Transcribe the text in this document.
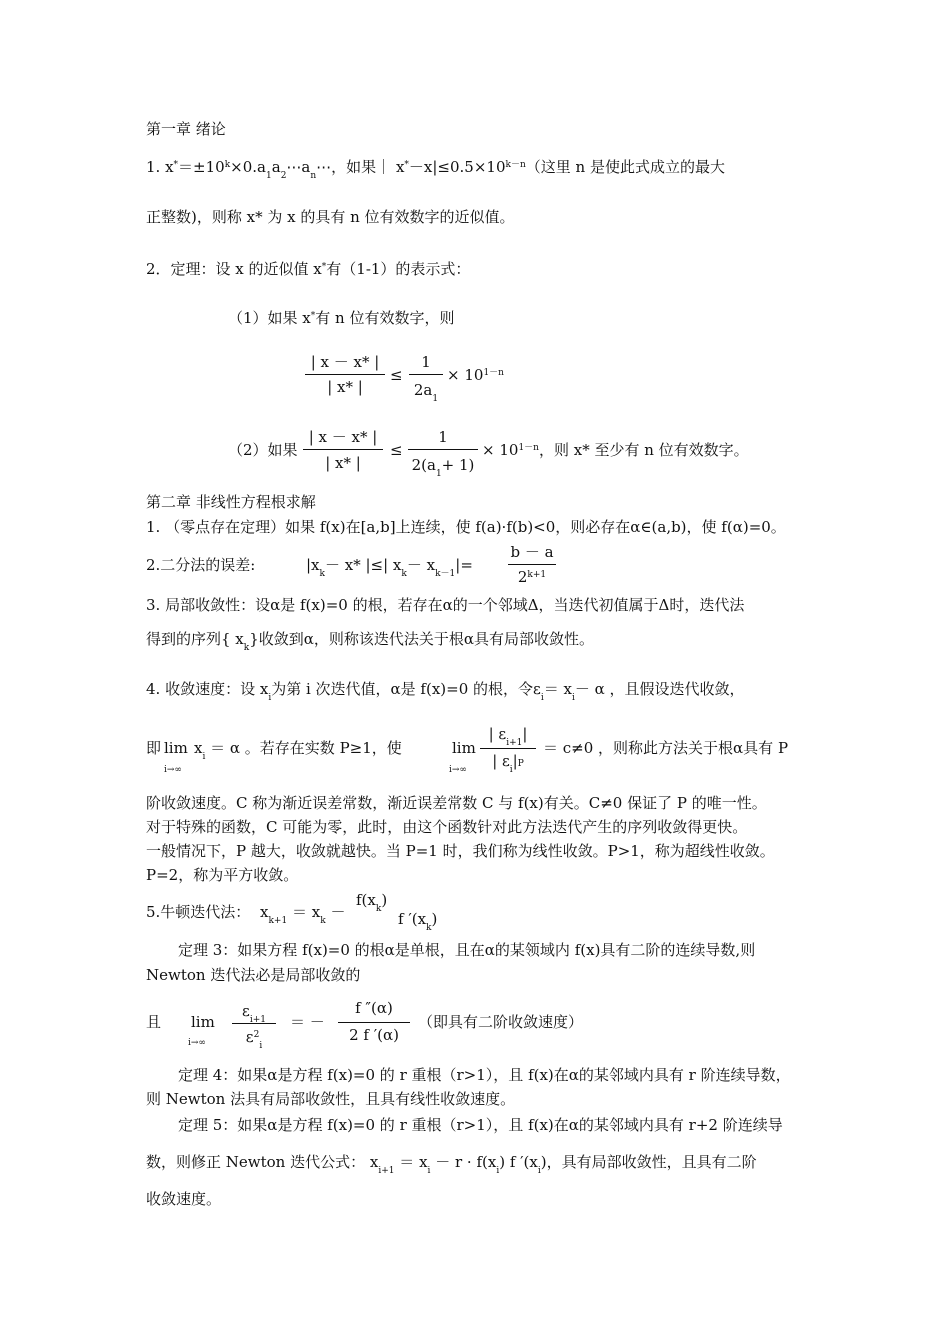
第一章 绪论
1. $x^*=\pm 10^k\times 0.a_1a_2\cdots a_n\cdots$，如果｜ $x^*-x|\le 0.5\times 10^{k-n}$（这里 n 是使此式成立的最大
正整数)，则称 x* 为 x 的具有 n 位有效数字的近似值。
2．定理：设 x 的近似值 x*有（1-1）的表示式：
（1）如果 x*有 n 位有效数字，则
| x － x* |
| x* |
≤
1
$2a_1$
× $10^{1-n}$
（2）如果
| x － x* |
| x* |
≤
1
$2(a_1+ 1)$
× $10^{1-n}$，则 x* 至少有 n 位有效数字。
第二章 非线性方程根求解
1. （零点存在定理）如果 f(x)在[a,b]上连续，使 f(a)·f(b)<0，则必存在α∈(a,b)，使 f(α)=0。
2.二分法的误差:	$|x_k- x*$ |≤| $x_k- x_{k-1}|=$
b － a
$2^{k+1}$
3. 局部收敛性：设α是 f(x)=0 的根，若存在α的一个邻域Δ，当迭代初值属于Δ时，迭代法
得到的序列{ $x_k$}收敛到α，则称该迭代法关于根α具有局部收敛性。
4. 收敛速度：设 $x_i$为第 i 次迭代值，α是 f(x)=0 的根，令$\varepsilon_i= x_i- \alpha$ ，且假设迭代收敛，
即 lim
i→∞
$x_i = \alpha$ 。若存在实数 P≥1，使	lim
i→∞
| $\varepsilon_{i+1}|$
| $\varepsilon_i|P$
＝ c≠0 ，则称此方法关于根α具有 P
阶收敛速度。C 称为渐近误差常数，渐近误差常数 C 与 f(x)有关。C≠0 保证了 P 的唯一性。
对于特殊的函数，C 可能为零，此时，由这个函数针对此方法迭代产生的序列收敛得更快。
一般情况下，P 越大，收敛就越快。当 P=1 时，我们称为线性收敛。P>1，称为超线性收敛。
P=2，称为平方收敛。
5.牛顿迭代法： $x_{k+1} = x_k$ －
$f(x_k)$
f $'(x_k)$
定理 3：如果方程 f(x)=0 的根α是单根，且在α的某领域内 f(x)具有二阶的连续导数,则
Newton 迭代法必是局部收敛的
且 lim
i→∞
$\varepsilon_{i+1}$
$\varepsilon^2_i$
＝ －
f ″(α)
2 f ′(α)
（即具有二阶收敛速度）
定理 4：如果α是方程 f(x)=0 的 r 重根（r>1），且 f(x)在α的某邻域内具有 r 阶连续导数，
则 Newton 法具有局部收敛性，且具有线性收敛速度。
定理 5：如果α是方程 f(x)=0 的 r 重根（r>1），且 f(x)在α的某邻域内具有 r+2 阶连续导
数，则修正 Newton 迭代公式： $x_{i+1} = x_i - r \cdot f(x_i)$ f $'(x_i)$，具有局部收敛性，且具有二阶
收敛速度。
